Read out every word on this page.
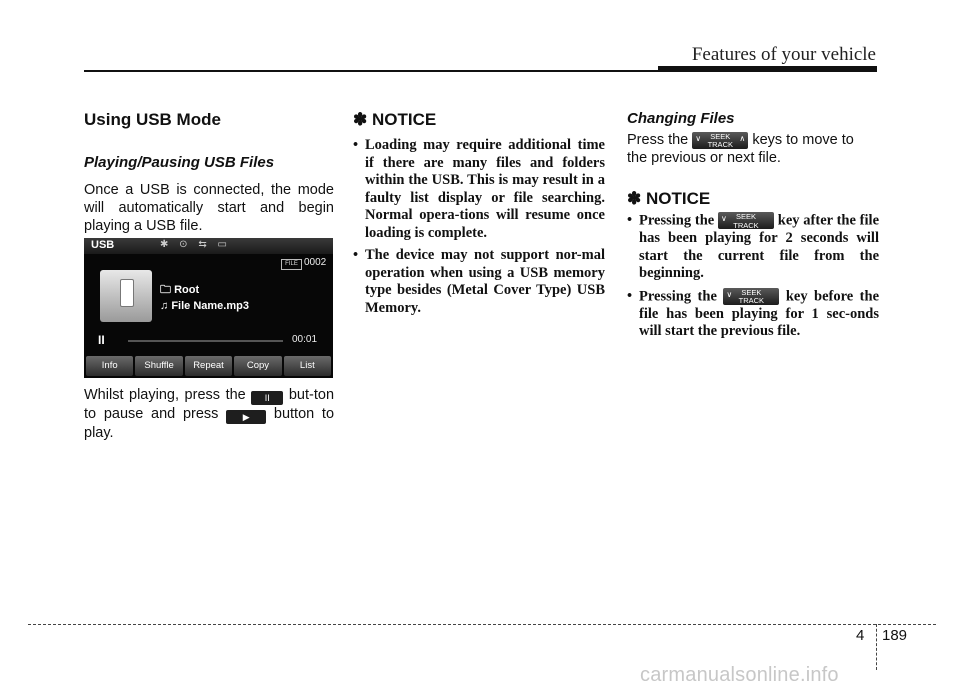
Features of your vehicle
Using USB Mode
Playing/Pausing USB Files
Once a USB is connected, the mode will automatically start and begin playing a USB file.
USB	✱ ⊙ ⇆ ▭
FILE 0002
🗀 Root
♫ File Name.mp3
II	00:01
Info	Shuffle	Repeat	Copy	List
Whilst playing, press the II but-ton to pause and press	▶ button to play.
✽ NOTICE
• Loading may require additional time if there are many files and folders within the USB. This is may result in a faulty list display or file searching. Normal opera-tions will resume once loading is complete.
• The device may not support nor-mal operation when using a USB memory type besides (Metal Cover Type) USB Memory.
Changing Files
Press the ∨	SEEK
TRACK
∧ keys to move to the previous or next file.
✽ NOTICE
• Pressing the ∨	SEEK
TRACK	key after the file has been playing for 2 seconds will start the current file from the beginning.
• Pressing the ∨	SEEK
TRACK	key before the file has been playing for 1 sec-onds will start the previous file.
4 189
carmanualsonline.info
